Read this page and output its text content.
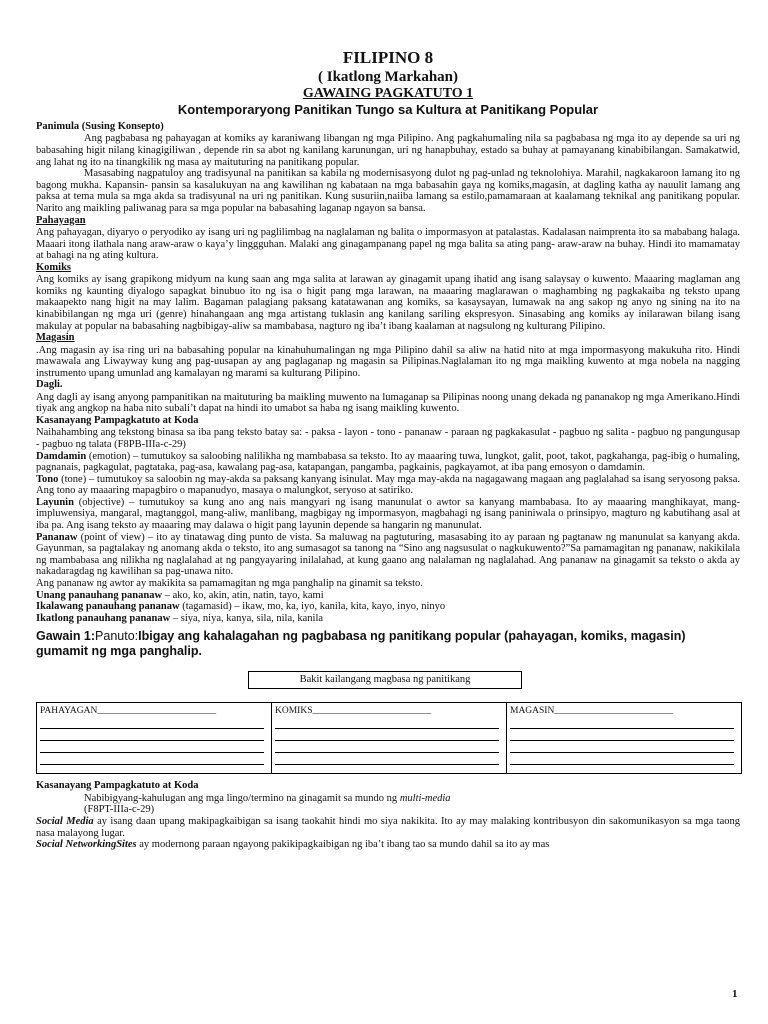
FILIPINO 8
( Ikatlong Markahan)
GAWAING PAGKATUTO 1
Kontemporaryong Panitikan Tungo sa Kultura at Panitikang Popular
Panimula (Susing Konsepto)

Ang pagbabasa ng pahayagan at komiks ay karaniwang libangan ng mga Pilipino. Ang pagkahumaling nila sa pagbabasa ng mga ito ay depende sa uri ng babasahing higit nilang kinagigiliwan , depende rin sa abot ng kanilang karunungan, uri ng hanapbuhay, estado sa buhay at pamayanang kinabibilangan. Samakatwid, ang lahat ng ito na tinangkilik ng masa ay maituturing na panitikang popular.

Masasabing nagpatuloy ang tradisyunal na panitikan sa kabila ng modernisasyong dulot ng pag-unlad ng teknolohiya. Marahil, nagkakaroon lamang ito ng bagong mukha. Kapansin- pansin sa kasalukuyan na ang kawilihan ng kabataan na mga babasahin gaya ng komiks,magasin, at dagling katha ay nauulit lamang ang paksa at tema mula sa mga akda sa tradisyunal na uri ng panitikan. Kung susuriin,naiiba lamang sa estilo,pamamaraan at kaalamang teknikal ang panitikang popular. Narito ang maikling paliwanag para sa mga popular na babasahing laganap ngayon sa bansa.

Pahayagan

Ang pahayagan, diyaryo o peryodiko ay isang uri ng paglilimbag na naglalaman ng balita o impormasyon at patalastas. Kadalasan naimprenta ito sa mababang halaga. Maaari itong ilathala nang araw-araw o kaya’y linggguhan. Malaki ang ginagampanang papel ng mga balita sa ating pang- araw-araw na buhay. Hindi ito mamamatay at bahagi na ng ating kultura.

Komiks

Ang komiks ay isang grapikong midyum na kung saan ang mga salita at larawan ay ginagamit upang ihatid ang isang salaysay o kuwento. Maaaring maglaman ang komiks ng kaunting diyalogo sapagkat binubuo ito ng isa o higit pang mga larawan, na maaaring maglarawan o maghambing ng pagkakaiba ng teksto upang makaapekto nang higit na may lalim. Bagaman palagiang paksang katatawanan ang komiks, sa kasaysayan, lumawak na ang sakop ng anyo ng sining na ito na kinabibilangan ng mga uri (genre) hinahangaan ang mga artistang tuklasin ang kanilang sariling ekspresyon. Sinasabing ang komiks ay inilarawan bilang isang makulay at popular na babasahing nagbibigay-aliw sa mambabasa, nagturo ng iba’t ibang kaalaman at nagsulong ng kulturang Pilipino.

Magasin

.Ang magasin ay isa ring uri na babasahing popular na kinahuhumalingan ng mga Pilipino dahil sa aliw na hatid nito at mga impormasyong makukuha rito. Hindi mawawala ang Liwayway kung ang pag-uusapan ay ang paglaganap ng magasin sa Pilipinas.Naglalaman ito ng mga maikling kuwento at mga nobela na nagging instrumento upang umunlad ang kamalayan ng marami sa kulturang Pilipino.

Dagli.

Ang dagli ay isang anyong pampanitikan na maituturing ba maikling muwento na lumaganap sa Pilipinas noong unang dekada ng pananakop ng mga Amerikano.Hindi tiyak ang angkop na haba nito subali’t dapat na hindi ito umabot sa haba ng isang maikling kuwento.

Kasanayang Pampagkatuto at Koda

Naihahambing ang tekstong binasa sa iba pang teksto batay sa: - paksa - layon - tono - pananaw - paraan ng pagkakasulat - pagbuo ng salita - pagbuo ng pangungusap - pagbuo ng talata (F8PB-IIIa-c-29)

Damdamin (emotion) – tumutukoy sa saloobing nalilikha ng mambabasa sa teksto. Ito ay maaaring tuwa, lungkot, galit, poot, takot, pagkahanga, pag-ibig o humaling, pagnanais, pagkagulat, pagtataka, pag-asa, kawalang pag-asa, katapangan, pangamba, pagkainis, pagkayamot, at iba pang emosyon o damdamin.

Tono (tone) – tumutukoy sa saloobin ng may-akda sa paksang kanyang isinulat. May mga may-akda na nagagawang magaan ang paglalahad sa isang seryosong paksa. Ang tono ay maaaring mapagbiro o mapanudyo, masaya o malungkot, seryoso at satiriko.

Layunin (objective) – tumutukoy sa kung ano ang nais mangyari ng isang manunulat o awtor sa kanyang mambabasa. Ito ay maaaring manghikayat, mang-impluwensiya, mangaral, magtanggol, mang-aliw, manlibang, magbigay ng impormasyon, magbahagi ng isang paniniwala o prinsipyo, magturo ng kabutihang asal at iba pa. Ang isang teksto ay maaaring may dalawa o higit pang layunin depende sa hangarin ng manunulat.

Pananaw (point of view) – ito ay tinatawag ding punto de vista. Sa maluwag na pagtuturing, masasabing ito ay paraan ng pagtanaw ng manunulat sa kanyang akda. Gayunman, sa pagtalakay ng anomang akda o teksto, ito ang sumasagot sa tanong na “Sino ang nagsusulat o nagkukuwento?”Sa pamamagitan ng pananaw, nakikilala ng mambabasa ang nilikha ng naglalahad at ng pangyayaring inilalahad, at kung gaano ang nalalaman ng naglalahad. Ang pananaw na ginagamit sa teksto o akda ay nakadaragdag ng kawilihan sa pag-unawa nito.

Ang pananaw ng awtor ay makikita sa pamamagitan ng mga panghalip na ginamit sa teksto.

Unang panauhang pananaw – ako, ko, akin, atin, natin, tayo, kami

Ikalawang panauhang pananaw (tagamasid) – ikaw, mo, ka, iyo, kanila, kita, kayo, inyo, ninyo

Ikatlong panauhang pananaw – siya, niya, kanya, sila, nila, kanila

Gawain 1:Panuto:Ibigay ang kahalagahan ng pagbabasa ng panitikang popular (pahayagan, komiks, magasin) gumamit ng mga panghalip.
Bakit kailangang magbasa ng panitikang
PAHAYAGAN_________________________	KOMIKS_________________________	MAGASIN_________________________
Kasanayang Pampagkatuto at Koda

Nabibigyang-kahulugan ang mga lingo/termino na ginagamit sa mundo ng multi-media

(F8PT-IIIa-c-29)

Social Media ay isang daan upang makipagkaibigan sa isang taokahit hindi mo siya nakikita. Ito ay may malaking kontribusyon din sakomunikasyon sa mga taong nasa malayong lugar.

Social NetworkingSites ay modernong paraan ngayong pakikipagkaibigan ng iba’t ibang tao sa mundo dahil sa ito ay mas

1
